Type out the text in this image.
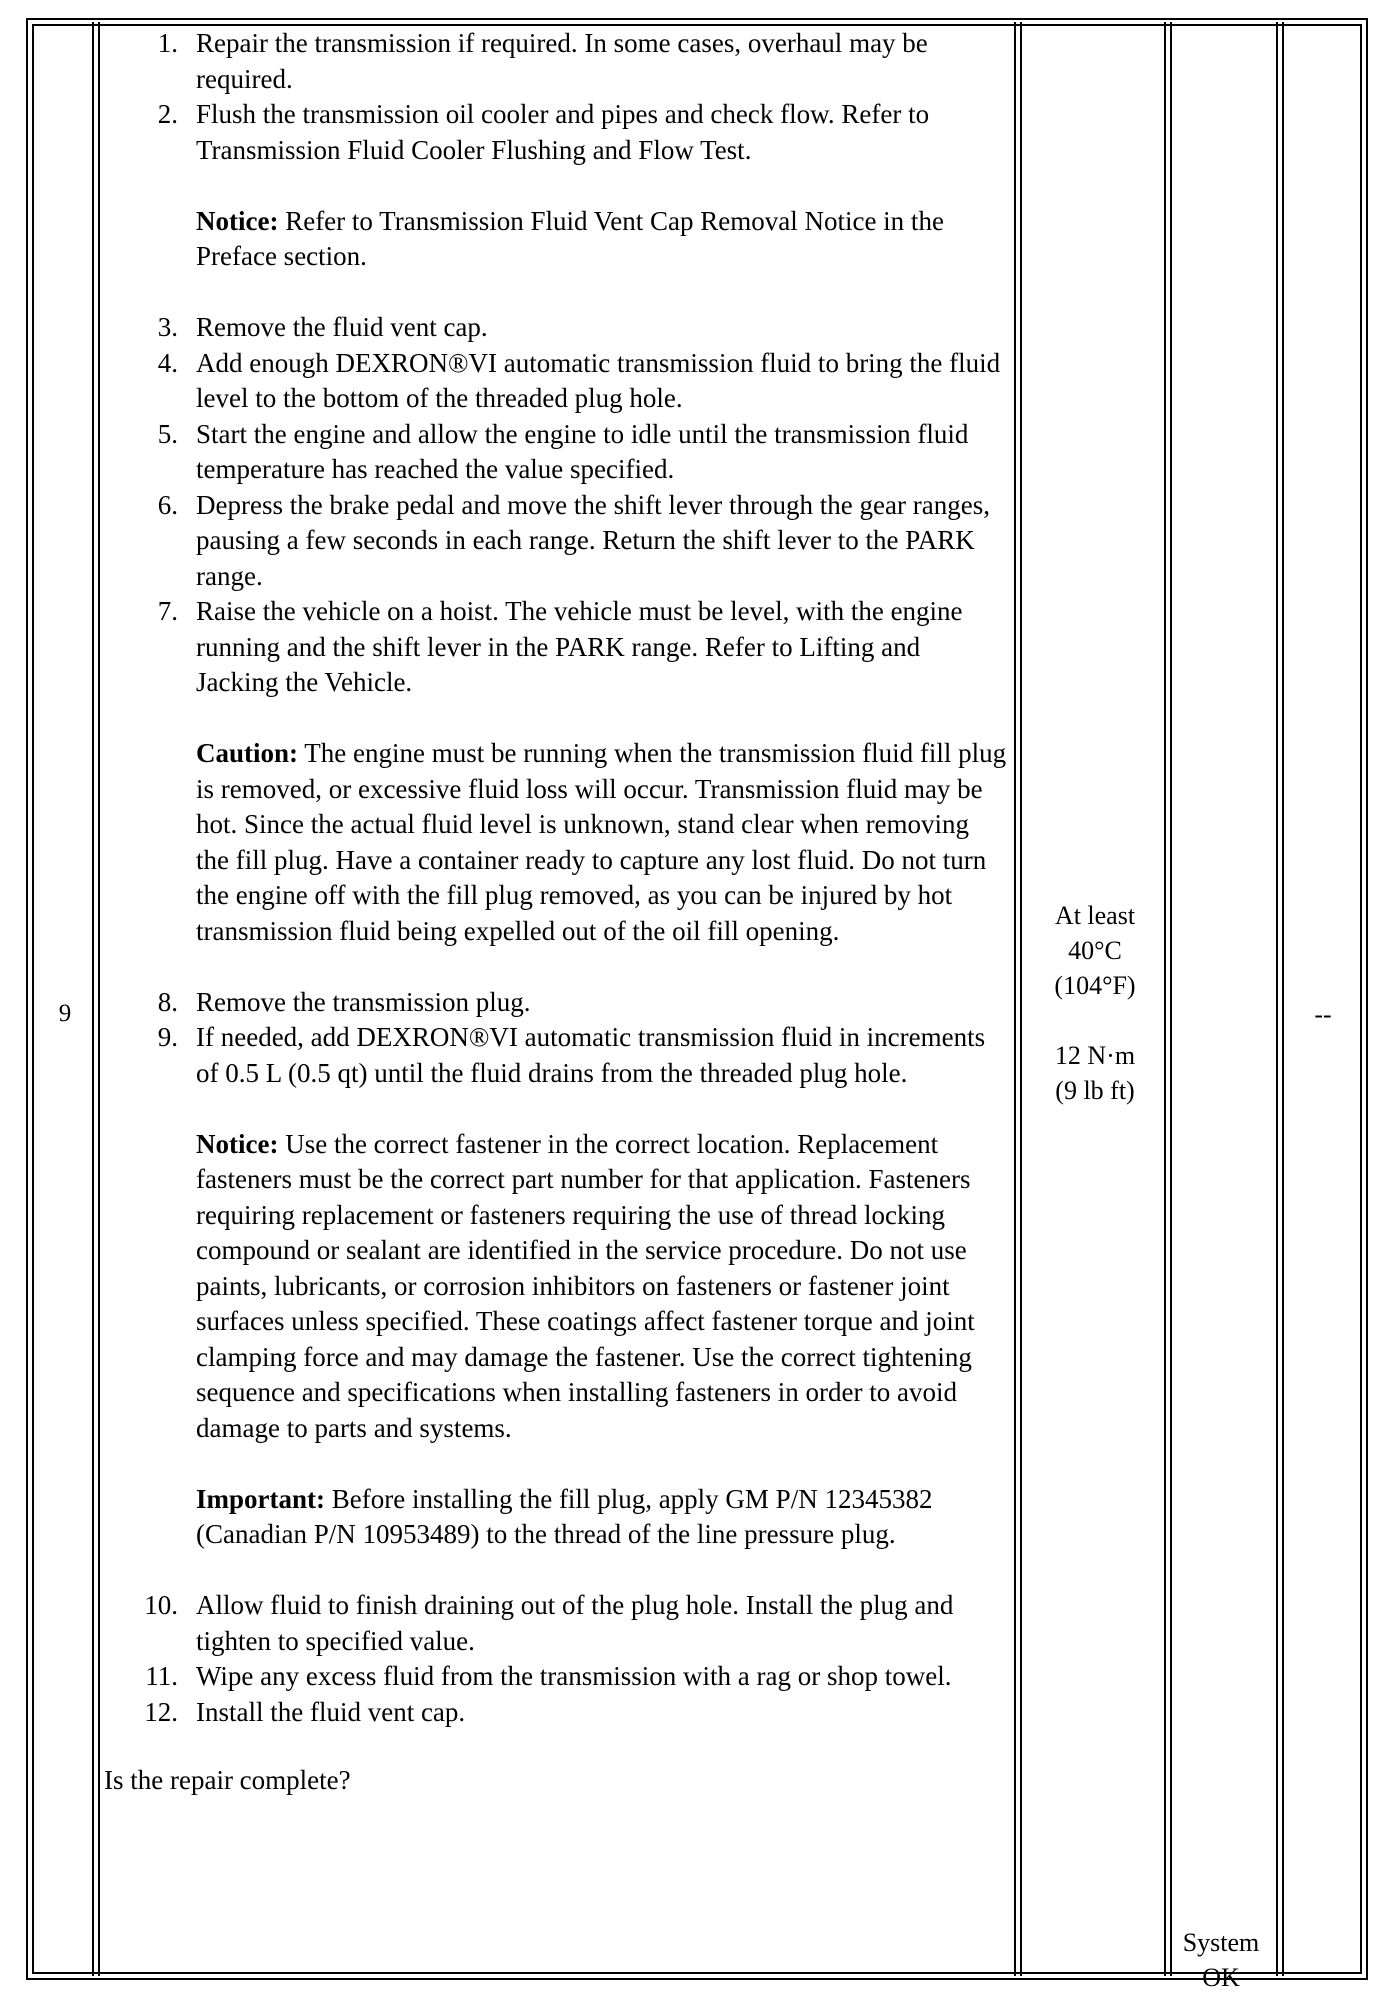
9
1. Repair the transmission if required. In some cases, overhaul may be required.
2. Flush the transmission oil cooler and pipes and check flow. Refer to Transmission Fluid Cooler Flushing and Flow Test.

Notice: Refer to Transmission Fluid Vent Cap Removal Notice in the Preface section.

3. Remove the fluid vent cap.
4. Add enough DEXRON®VI automatic transmission fluid to bring the fluid level to the bottom of the threaded plug hole.
5. Start the engine and allow the engine to idle until the transmission fluid temperature has reached the value specified.
6. Depress the brake pedal and move the shift lever through the gear ranges, pausing a few seconds in each range. Return the shift lever to the PARK range.
7. Raise the vehicle on a hoist. The vehicle must be level, with the engine running and the shift lever in the PARK range. Refer to Lifting and Jacking the Vehicle.

Caution: The engine must be running when the transmission fluid fill plug is removed, or excessive fluid loss will occur. Transmission fluid may be hot. Since the actual fluid level is unknown, stand clear when removing the fill plug. Have a container ready to capture any lost fluid. Do not turn the engine off with the fill plug removed, as you can be injured by hot transmission fluid being expelled out of the oil fill opening.

8. Remove the transmission plug.
9. If needed, add DEXRON®VI automatic transmission fluid in increments of 0.5 L (0.5 qt) until the fluid drains from the threaded plug hole.

Notice: Use the correct fastener in the correct location. Replacement fasteners must be the correct part number for that application. Fasteners requiring replacement or fasteners requiring the use of thread locking compound or sealant are identified in the service procedure. Do not use paints, lubricants, or corrosion inhibitors on fasteners or fastener joint surfaces unless specified. These coatings affect fastener torque and joint clamping force and may damage the fastener. Use the correct tightening sequence and specifications when installing fasteners in order to avoid damage to parts and systems.

Important: Before installing the fill plug, apply GM P/N 12345382 (Canadian P/N 10953489) to the thread of the line pressure plug.

10. Allow fluid to finish draining out of the plug hole. Install the plug and tighten to specified value.
11. Wipe any excess fluid from the transmission with a rag or shop towel.
12. Install the fluid vent cap.
Is the repair complete?
At least
40°C
(104°F)
12 N·m
(9 lb ft)
System
OK
--
